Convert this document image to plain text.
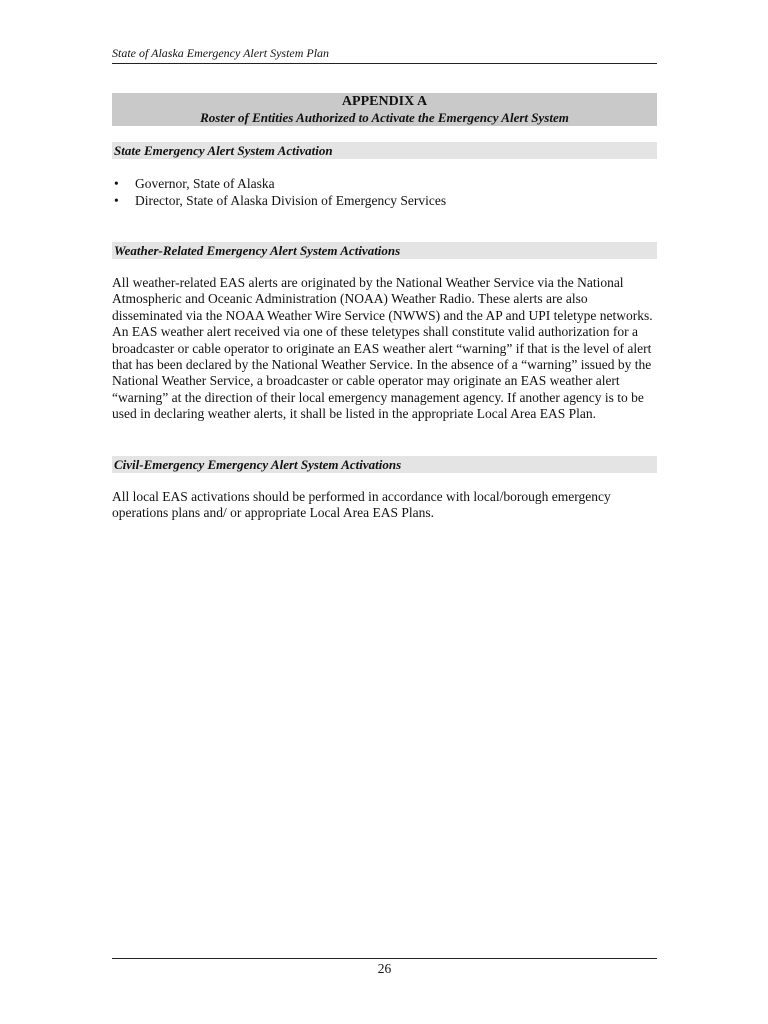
State of Alaska Emergency Alert System Plan
APPENDIX A
Roster of Entities Authorized to Activate the Emergency Alert System
State Emergency Alert System Activation
• Governor, State of Alaska
• Director, State of Alaska Division of Emergency Services
Weather-Related Emergency Alert System Activations

All weather-related EAS alerts are originated by the National Weather Service via the National Atmospheric and Oceanic Administration (NOAA) Weather Radio. These alerts are also disseminated via the NOAA Weather Wire Service (NWWS) and the AP and UPI teletype networks. An EAS weather alert received via one of these teletypes shall constitute valid authorization for a broadcaster or cable operator to originate an EAS weather alert “warning” if that is the level of alert that has been declared by the National Weather Service. In the absence of a “warning” issued by the National Weather Service, a broadcaster or cable operator may originate an EAS weather alert “warning” at the direction of their local emergency management agency. If another agency is to be used in declaring weather alerts, it shall be listed in the appropriate Local Area EAS Plan.

Civil-Emergency Emergency Alert System Activations

All local EAS activations should be performed in accordance with local/borough emergency operations plans and/ or appropriate Local Area EAS Plans.

26
